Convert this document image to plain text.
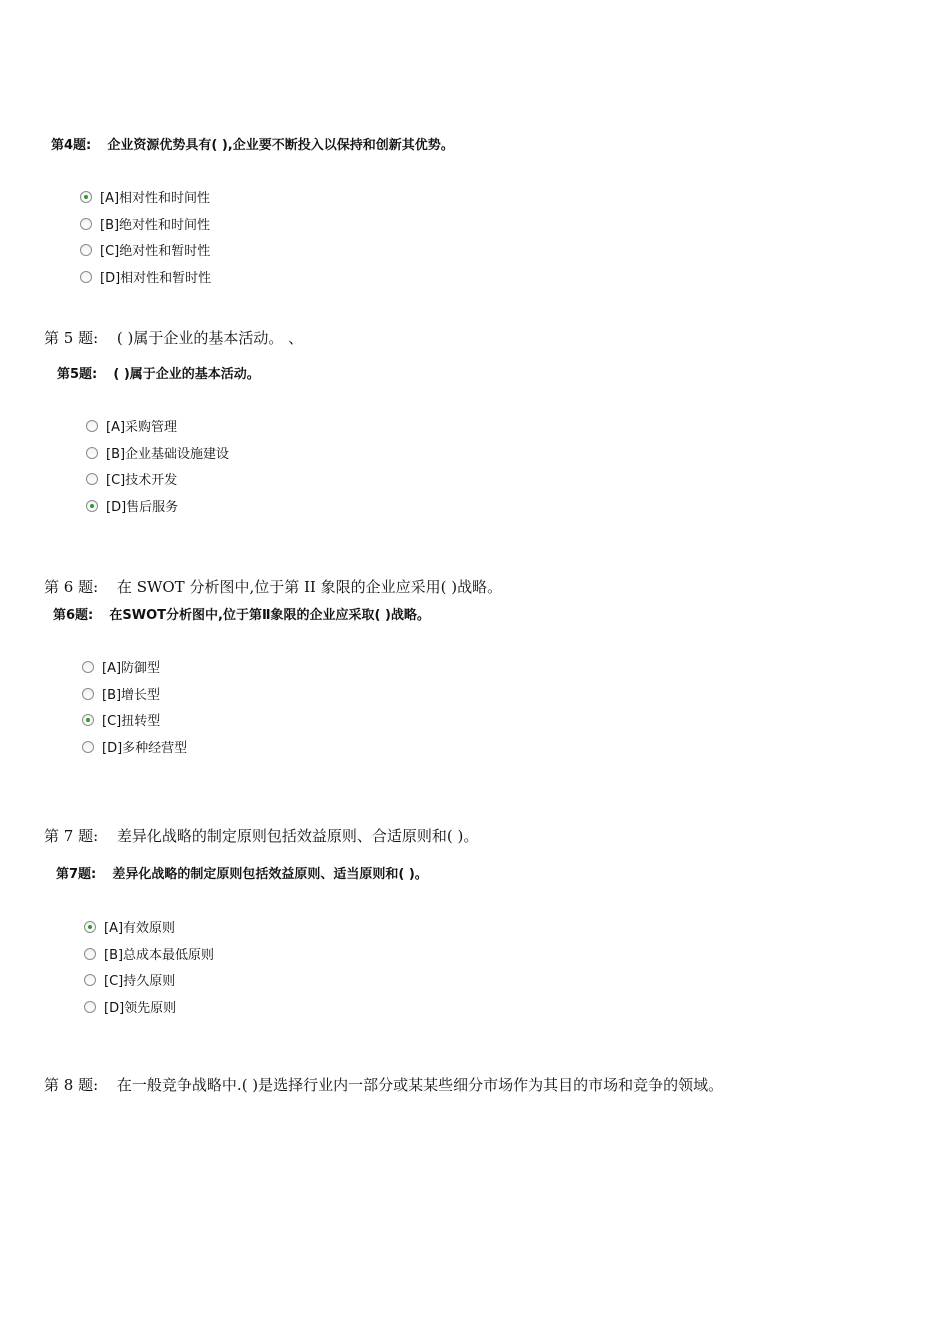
第4题: 企业资源优势具有( ),企业要不断投入以保持和创新其优势。
[A]相对性和时间性
[B]绝对性和时间性
[C]绝对性和暂时性
[D]相对性和暂时性
第 5 题: ( )属于企业的基本活动。 、
第5题: ( )属于企业的基本活动。
[A]采购管理
[B]企业基础设施建设
[C]技术开发
[D]售后服务
第 6 题: 在 SWOT 分析图中,位于第 II 象限的企业应采用( )战略。
第6题: 在SWOT分析图中,位于第Ⅱ象限的企业应采取( )战略。
[A]防御型
[B]增长型
[C]扭转型
[D]多种经营型
第 7 题: 差异化战略的制定原则包括效益原则、合适原则和( )。
第7题: 差异化战略的制定原则包括效益原则、适当原则和( )。
[A]有效原则
[B]总成本最低原则
[C]持久原则
[D]领先原则
第 8 题: 在一般竞争战略中.( )是选择行业内一部分或某某些细分市场作为其目的市场和竞争的领域。
